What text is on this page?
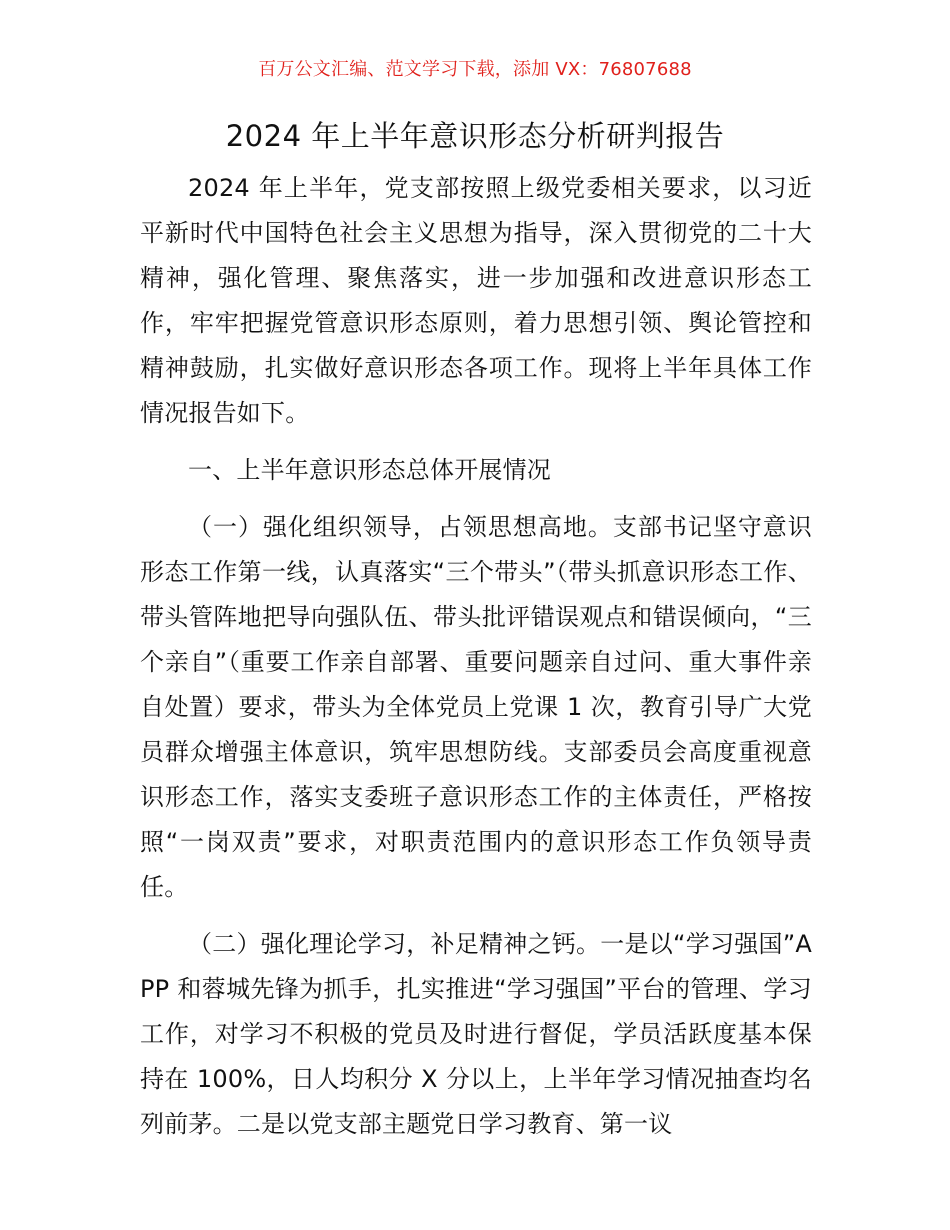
百万公文汇编、范文学习下载，添加 VX：76807688
2024 年上半年意识形态分析研判报告

2024 年上半年，党支部按照上级党委相关要求，以习近平新时代中国特色社会主义思想为指导，深入贯彻党的二十大精神，强化管理、聚焦落实，进一步加强和改进意识形态工作，牢牢把握党管意识形态原则，着力思想引领、舆论管控和精神鼓励，扎实做好意识形态各项工作。现将上半年具体工作情况报告如下。

一、上半年意识形态总体开展情况

（一）强化组织领导，占领思想高地。支部书记坚守意识形态工作第一线，认真落实“三个带头”（带头抓意识形态工作、带头管阵地把导向强队伍、带头批评错误观点和错误倾向，“三个亲自”（重要工作亲自部署、重要问题亲自过问、重大事件亲自处置）要求，带头为全体党员上党课 1 次，教育引导广大党员群众增强主体意识，筑牢思想防线。支部委员会高度重视意识形态工作，落实支委班子意识形态工作的主体责任，严格按照“一岗双责”要求，对职责范围内的意识形态工作负领导责任。

（二）强化理论学习，补足精神之钙。一是以“学习强国”APP 和蓉城先锋为抓手，扎实推进“学习强国”平台的管理、学习工作，对学习不积极的党员及时进行督促，学员活跃度基本保持在 100%，日人均积分 X 分以上，上半年学习情况抽查均名列前茅。二是以党支部主题党日学习教育、第一议
